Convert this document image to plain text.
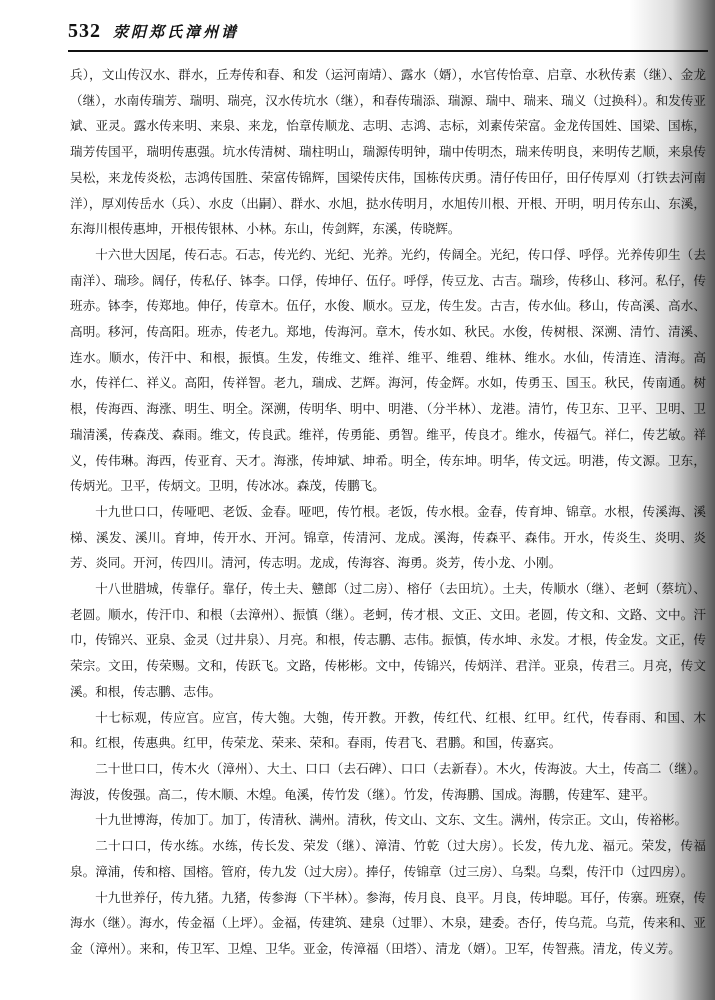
532 荥阳郑氏漳州谱

兵），文山传汉水、群水，丘寿传和春、和发（运河南靖）、露水（婿），水官传怡章、启章、水秋传素（继）、金龙（继），水南传瑞芳、瑞明、瑞亮，汉水传坑水（继），和春传瑞添、瑞源、瑞中、瑞来、瑞义（过换科）。和发传亚斌、亚灵。露水传来明、来泉、来龙，怡章传顺龙、志明、志鸿、志标，刘素传荣富。金龙传国姓、国梁、国栋，瑞芳传国平，瑞明传惠强。坑水传清树、瑞柱明山，瑞源传明钟，瑞中传明杰，瑞来传明良，来明传艺顺，来泉传吴松，来龙传炎松，志鸿传国胜、荣富传锦辉，国梁传庆伟，国栋传庆勇。清仔传田仔，田仔传厚刈（打铁去河南洋），厚刈传岳水（兵）、水皮（出嗣）、群水、水旭，挞水传明月，水旭传川根、开根、开明，明月传东山、东溪，东海川根传惠坤，开根传银林、小林。东山，传剑辉，东溪，传晓辉。

十六世大因尾，传石志。石志，传光约、光纪、光养。光约，传阔全。光纪，传口俘、呼俘。光养传卯生（去南洋）、瑞珍。阔仔，传私仔、钵李。口俘，传坤仔、伍仔。呼俘，传豆龙、古吉。瑞珍，传移山、移河。私仔，传班赤。钵李，传郑地。伸仔，传章木。伍仔，水俊、顺水。豆龙，传生发。古吉，传水仙。移山，传高溪、高水、高明。移河，传高阳。班赤，传老九。郑地，传海河。章木，传水如、秋民。水俊，传树根、深溯、清竹、清溪、连水。顺水，传汗中、和根，振慎。生发，传维文、维祥、维平、维碧、维林、维水。水仙，传清连、清海。高水，传祥仁、祥义。高阳，传祥智。老九，瑞成、艺辉。海河，传金辉。水如，传勇玉、国玉。秋民，传南通。树根，传海西、海涨、明生、明全。深溯，传明华、明中、明港、（分半林）、龙港。清竹，传卫东、卫平、卫明、卫瑞清溪，传森茂、森雨。维文，传良武。维祥，传勇能、勇智。维平，传良才。维水，传福气。祥仁，传艺敏。祥义，传伟琳。海西，传亚育、天才。海涨，传坤斌、坤希。明全，传东坤。明华，传文远。明港，传文源。卫东，传炳光。卫平，传炳文。卫明，传冰冰。森茂，传鹏飞。

十九世口口，传哑吧、老饭、金春。哑吧，传竹根。老饭，传水根。金春，传育坤、锦章。水根，传溪海、溪梯、溪发、溪川。育坤，传开水、开河。锦章，传清河、龙成。溪海，传森平、森伟。开水，传炎生、炎明、炎芳、炎同。开河，传四川。清河，传志明。龙成，传海容、海勇。炎芳，传小龙、小刚。

十八世腊城，传靠仔。靠仔，传土夫、戆郎（过二房）、榕仔（去田坑）。土夫，传顺水（继）、老蚵（蔡坑）、老圆。顺水，传汗巾、和根（去漳州）、振慎（继）。老蚵，传才根、文正、文田。老圆，传文和、文路、文中。汗巾，传锦兴、亚泉、金灵（过井泉）、月亮。和根，传志鹏、志伟。振慎，传水坤、永发。才根，传金发。文正，传荣宗。文田，传荣赐。文和，传跃飞。文路，传彬彬。文中，传锦兴，传炳洋、君洋。亚泉，传君三。月亮，传文溪。和根，传志鹏、志伟。

十七标观，传应宫。应宫，传大匏。大匏，传开教。开教，传红代、红根、红甲。红代，传春雨、和国、木和。红根，传惠典。红甲，传荣龙、荣来、荣和。春雨，传君飞、君鹏。和国，传嘉宾。

二十世口口，传木火（漳州）、大土、口口（去石碑）、口口（去新春）。木火，传海波。大土，传高二（继）。海波，传俊强。高二，传木顺、木煌。龟溪，传竹发（继）。竹发，传海鹏、国成。海鹏，传建军、建平。

十九世博海，传加丁。加丁，传清秋、满州。清秋，传文山、文东、文生。满州，传宗正。文山，传裕彬。

二十口口，传水练。水练，传长发、荣发（继）、漳清、竹乾（过大房）。长发，传九龙、福元。荣发，传福泉。漳浦，传和榕、国榕。管府，传九发（过大房）。捧仔，传锦章（过三房）、乌梨。乌梨，传汗巾（过四房）。

十九世养仔，传九猪。九猪，传参海（下半林）。参海，传月良、良平。月良，传坤聪。耳仔，传寨。班寮，传海水（继）。海水，传金福（上坪）。金福，传建筑、建泉（过罪）、木泉，建委。杏仔，传乌荒。乌荒，传来和、亚金（漳州）。来和，传卫军、卫煌、卫华。亚金，传漳福（田塔）、清龙（婿）。卫军，传智燕。清龙，传义芳。
